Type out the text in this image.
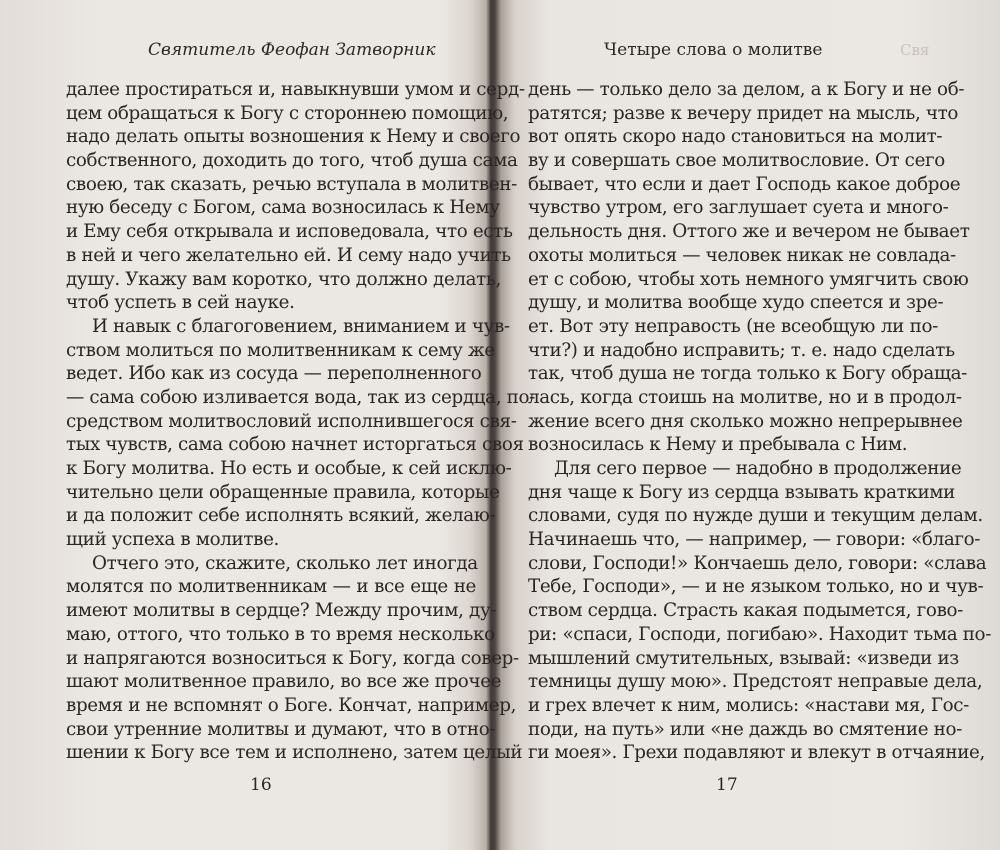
Святитель Феофан Затворник
далее простираться и, навыкнувши умом и серд-
цем обращаться к Богу с стороннею помощию,
надо делать опыты вознoшения к Нему и своего
собственного, доходить до того, чтоб душа сама
своею, так сказать, речью вступала в молитвен-
ную беседу с Богом, сама возносилась к Нему
и Ему себя открывала и исповедовала, что есть
в ней и чего желательно ей. И сему надо учить
душу. Укажу вам коротко, что должно делать,
чтоб успеть в сей науке.
И навык с благоговением, вниманием и чув-
ством молиться по молитвенникам к сему же
ведет. Ибо как из сосуда — переполненного
— сама собою изливается вода, так из сердца, по-
средством молитвословий исполнившегося свя-
тых чувств, сама собою начнет исторгаться своя
к Богу молитва. Но есть и особые, к сей исклю-
чительно цели обращенные правила, которые
и да положит себе исполнять всякий, желаю-
щий успеха в молитве.
Отчего это, скажите, сколько лет иногда
молятся по молитвенникам — и все еще не
имеют молитвы в сердце? Между прочим, ду-
маю, оттого, что только в то время несколько
и напрягаются возноситься к Богу, когда совер-
шают молитвенное правило, во все же прочее
время и не вспомнят о Боге. Кончат, например,
свои утренние молитвы и думают, что в отно-
шении к Богу все тем и исполнено, затем целый
16
Четыре слова о молитве	Свя
день — только дело за делом, а к Богу и не об-
ратятся; разве к вечеру придет на мысль, что
вот опять скоро надо становиться на молит-
ву и совершать свое молитвословие. От сего
бывает, что если и дает Господь какое доброе
чувство утром, его заглушает суета и много-
дельность дня. Оттого же и вечером не бывает
охоты молиться — человек никак не совлада-
ет с собою, чтобы хоть немного умягчить свою
душу, и молитва вообще худо спеется и зре-
ет. Вот эту неправость (не всеобщую ли по-
чти?) и надобно исправить; т. е. надо сделать
так, чтоб душа не тогда только к Богу обраща-
лась, когда стоишь на молитве, но и в продол-
жение всего дня сколько можно непрерывнее
возносилась к Нему и пребывала с Ним.
Для сего первое — надобно в продолжение
дня чаще к Богу из сердца взывать краткими
словами, судя по нужде души и текущим делам.
Начинаешь что, — например, — говори: «благо-
слови, Господи!» Кончаешь дело, говори: «слава
Тебе, Господи», — и не языком только, но и чув-
ством сердца. Страсть какая подымется, гово-
ри: «спаси, Господи, погибаю». Находит тьма по-
мышлений смутительных, взывай: «изведи из
темницы душу мою». Предстоят неправые дела,
и грех влечет к ним, молись: «настави мя, Гос-
поди, на путь» или «не даждь во смятение но-
ги моея». Грехи подавляют и влекут в отчаяние,
17
